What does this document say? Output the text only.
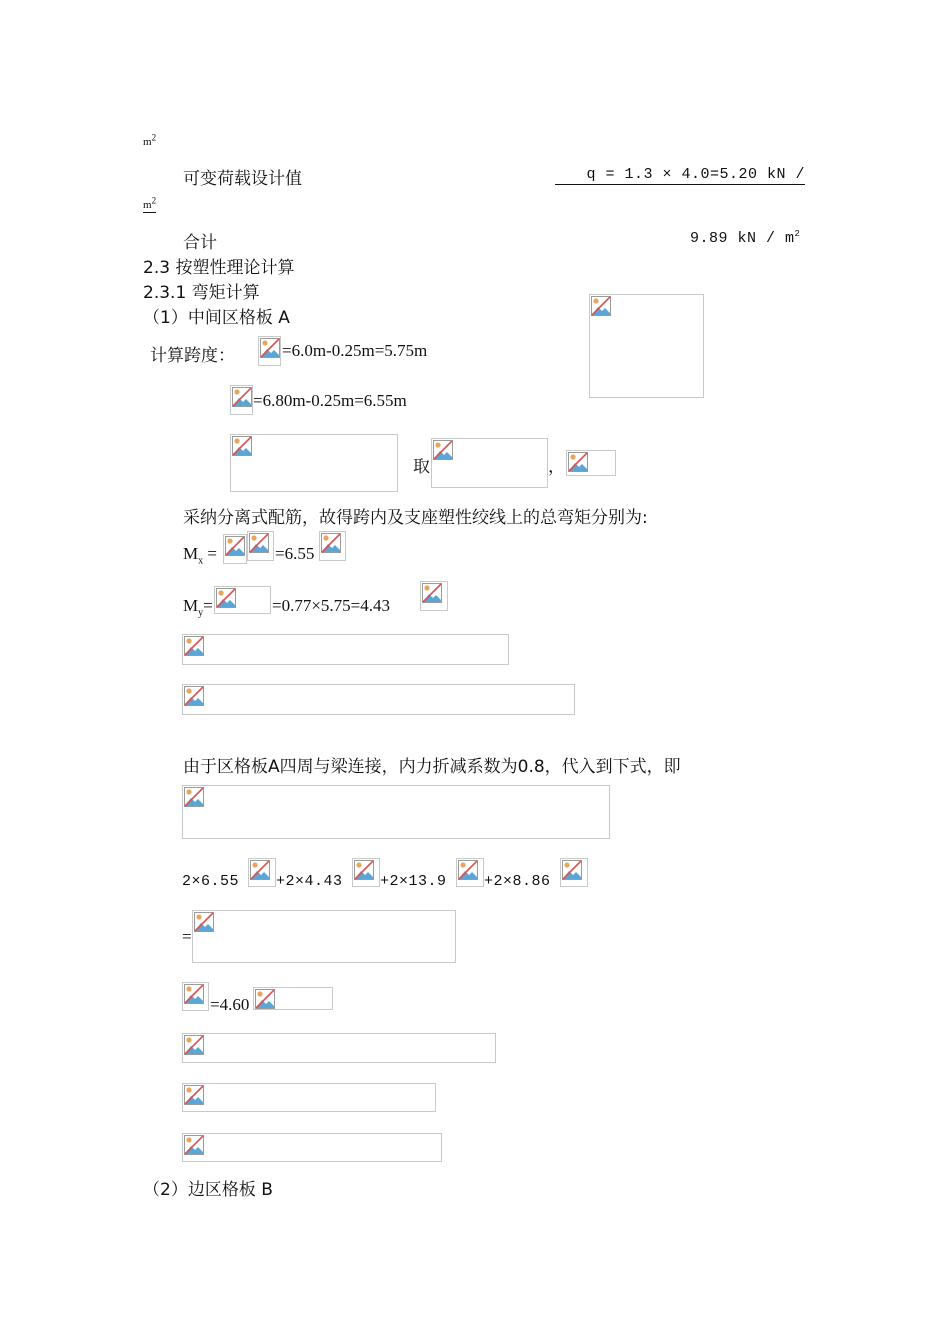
$m^2$
可变荷载设计值	q = 1.3 × 4.0=5.20 kN /
$m^2$
合计	9.89 kN / $m^2$
2.3 按塑性理论计算
2.3.1 弯矩计算
（1）中间区格板 A
计算跨度：	=6.0m-0.25m=5.75m
=6.80m-0.25m=6.55m
取	，
采纳分离式配筋，故得跨内及支座塑性绞线上的总弯矩分别为:
$M_x$ =	=6.55
$M_y=$	=0.77×5.75=4.43
由于区格板A四周与梁连接，内力折减系数为0.8，代入到下式，即
2×6.55 +2×4.43 +2×13.9 +2×8.86
=
=4.60
（2）边区格板 B
